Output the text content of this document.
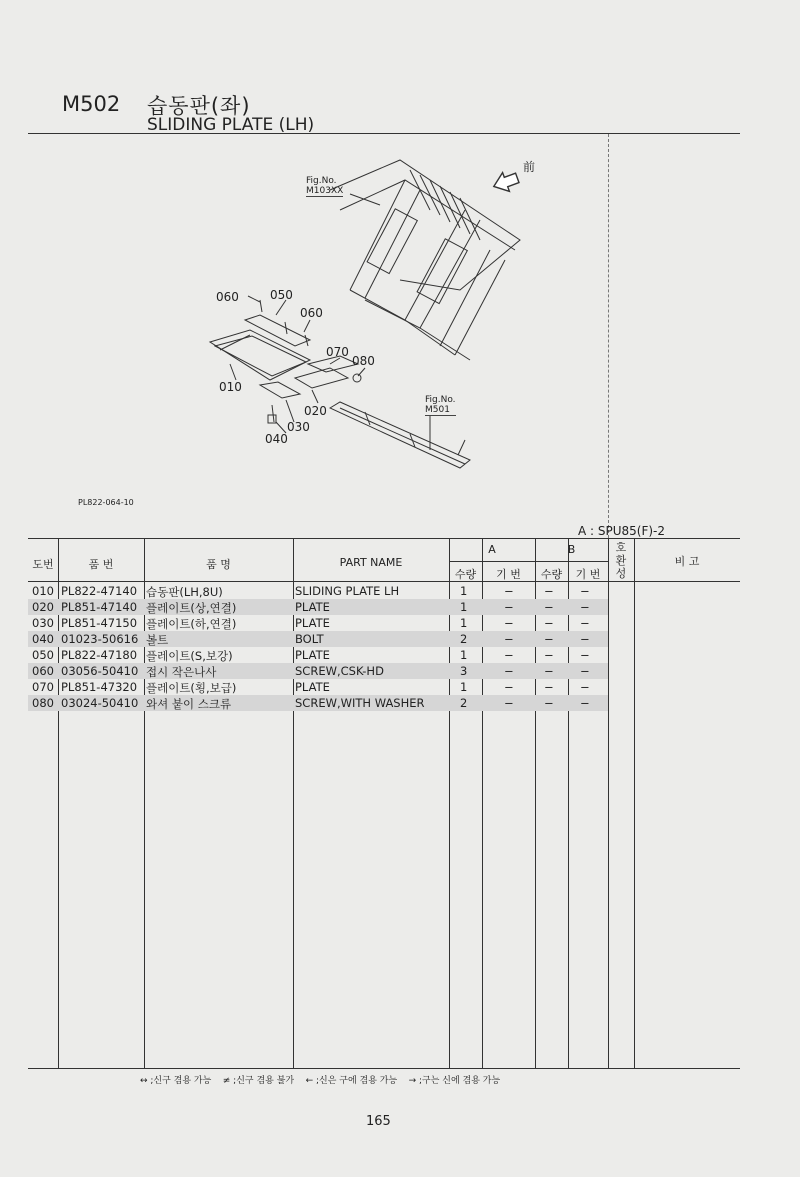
M502 습동판(좌)
SLIDING PLATE (LH)
Fig.No.
M103XX
Fig.No.
M501
前
060	050
060
070
080
010
020
030
040
PL822-064-10
A : SPU85(F)-2
도번	품 번	품 명	PART NAME
A	B
수량	기 번	수량	기 번
호환성
비 고
010 PL822-47140 습동판(LH,8U)	SLIDING PLATE LH	1	−	− −
020 PL851-47140 플레이트(상,연결)	PLATE	1	−	− −
030 PL851-47150 플레이트(하,연결)	PLATE	1	−	− −
040 01023-50616 볼트	BOLT	2	−	− −
050 PL822-47180 플레이트(S,보강)	PLATE	1	−	− −
060 03056-50410 접시 작은나사	SCREW,CSK-HD	3	−	− −
070 PL851-47320 플레이트(횡,보급)	PLATE	1	−	− −
080 03024-50410 와셔 붙이 스크류	SCREW,WITH WASHER	2	−	− −
↔ ;신구 겸용 가능 ≠ ;신구 겸용 불가 ← ;신은 구에 겸용 가능 → ;구는 신에 겸용 가능
165
